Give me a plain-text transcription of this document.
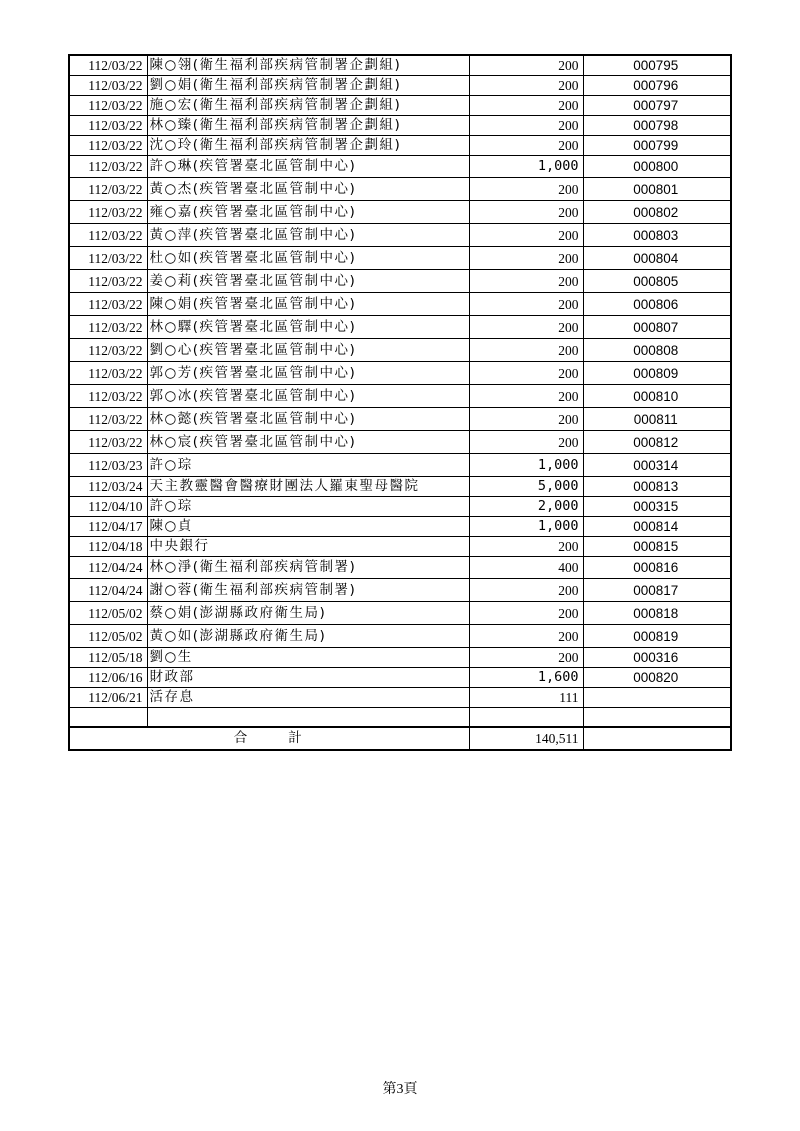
112/03/22	陳○翎(衛生福利部疾病管制署企劃組)	200	000795
112/03/22	劉○娟(衛生福利部疾病管制署企劃組)	200	000796
112/03/22	施○宏(衛生福利部疾病管制署企劃組)	200	000797
112/03/22	林○臻(衛生福利部疾病管制署企劃組)	200	000798
112/03/22	沈○玲(衛生福利部疾病管制署企劃組)	200	000799
112/03/22	許○琳(疾管署臺北區管制中心)	1,000	000800
112/03/22	黃○杰(疾管署臺北區管制中心)	200	000801
112/03/22	雍○嘉(疾管署臺北區管制中心)	200	000802
112/03/22	黃○萍(疾管署臺北區管制中心)	200	000803
112/03/22	杜○如(疾管署臺北區管制中心)	200	000804
112/03/22	姜○莉(疾管署臺北區管制中心)	200	000805
112/03/22	陳○娟(疾管署臺北區管制中心)	200	000806
112/03/22	林○驛(疾管署臺北區管制中心)	200	000807
112/03/22	劉○心(疾管署臺北區管制中心)	200	000808
112/03/22	郭○芳(疾管署臺北區管制中心)	200	000809
112/03/22	郭○冰(疾管署臺北區管制中心)	200	000810
112/03/22	林○懿(疾管署臺北區管制中心)	200	000811
112/03/22	林○宸(疾管署臺北區管制中心)	200	000812
112/03/23	許○琮	1,000	000314
112/03/24	天主教靈醫會醫療財團法人羅東聖母醫院	5,000	000813
112/04/10	許○琮	2,000	000315
112/04/17	陳○貞	1,000	000814
112/04/18	中央銀行	200	000815
112/04/24	林○淨(衛生福利部疾病管制署)	400	000816
112/04/24	謝○蓉(衛生福利部疾病管制署)	200	000817
112/05/02	蔡○娟(澎湖縣政府衛生局)	200	000818
112/05/02	黃○如(澎湖縣政府衛生局)	200	000819
112/05/18	劉○生	200	000316
112/06/16	財政部	1,600	000820
112/06/21	活存息	111	

合 計		140,511	
第3頁
